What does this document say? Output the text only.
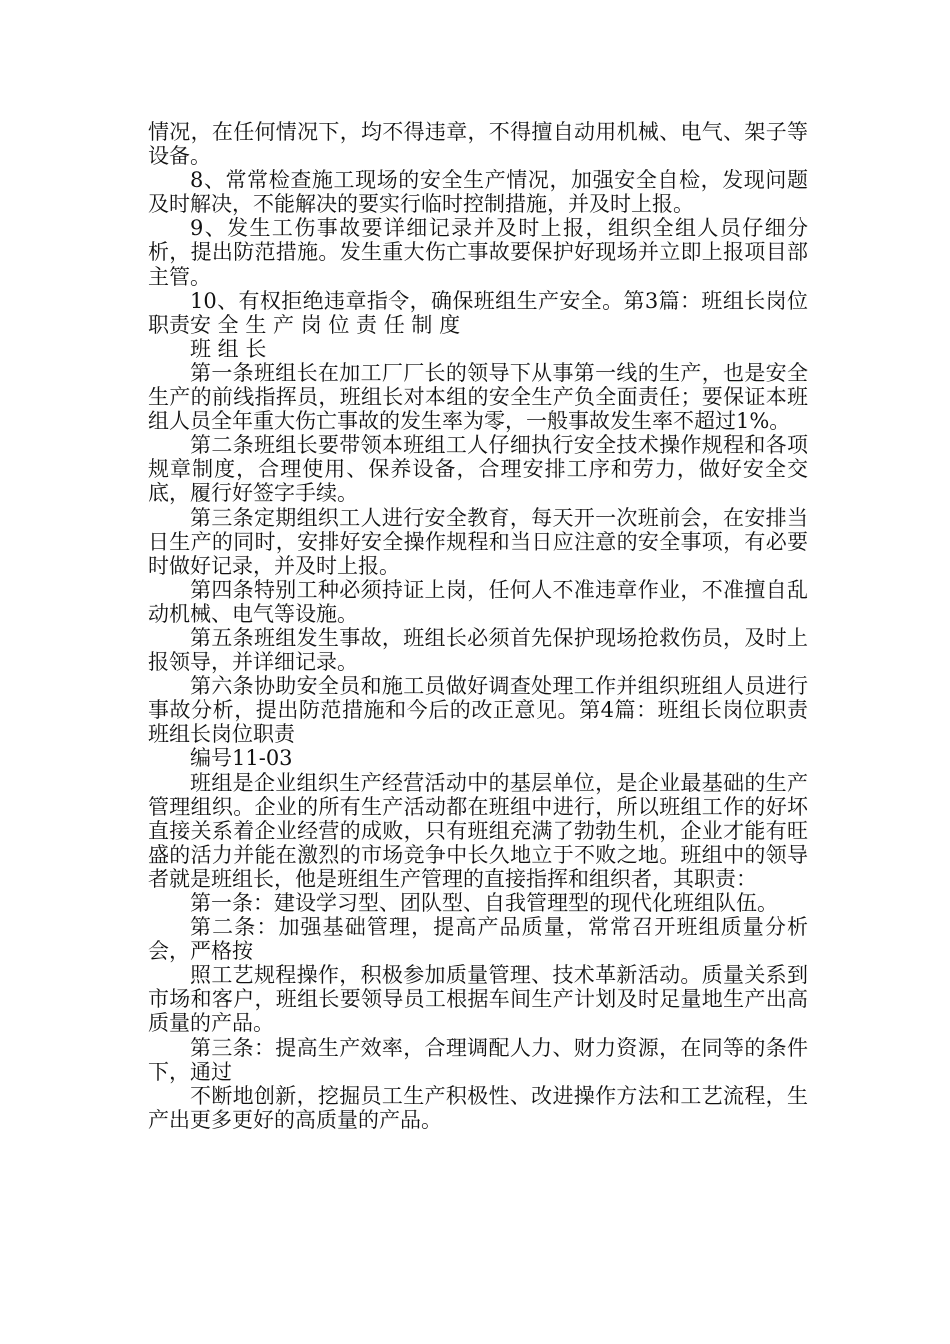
情况，在任何情况下，均不得违章，不得擅自动用机械、电气、架子等设备。

8、常常检查施工现场的安全生产情况，加强安全自检，发现问题及时解决，不能解决的要实行临时控制措施，并及时上报。

9、发生工伤事故要详细记录并及时上报，组织全组人员仔细分析，提出防范措施。发生重大伤亡事故要保护好现场并立即上报项目部主管。

10、有权拒绝违章指令，确保班组生产安全。第3篇：班组长岗位职责安 全 生 产 岗 位 责 任 制 度

班 组 长

第一条班组长在加工厂厂长的领导下从事第一线的生产，也是安全生产的前线指挥员，班组长对本组的安全生产负全面责任；要保证本班组人员全年重大伤亡事故的发生率为零，一般事故发生率不超过1%。

第二条班组长要带领本班组工人仔细执行安全技术操作规程和各项规章制度，合理使用、保养设备，合理安排工序和劳力，做好安全交底，履行好签字手续。

第三条定期组织工人进行安全教育，每天开一次班前会，在安排当日生产的同时，安排好安全操作规程和当日应注意的安全事项，有必要时做好记录，并及时上报。

第四条特别工种必须持证上岗，任何人不准违章作业，不准擅自乱动机械、电气等设施。

第五条班组发生事故，班组长必须首先保护现场抢救伤员，及时上报领导，并详细记录。

第六条协助安全员和施工员做好调查处理工作并组织班组人员进行事故分析，提出防范措施和今后的改正意见。第4篇：班组长岗位职责班组长岗位职责

编号11-03

班组是企业组织生产经营活动中的基层单位，是企业最基础的生产管理组织。企业的所有生产活动都在班组中进行，所以班组工作的好坏直接关系着企业经营的成败，只有班组充满了勃勃生机，企业才能有旺盛的活力并能在激烈的市场竞争中长久地立于不败之地。班组中的领导者就是班组长，他是班组生产管理的直接指挥和组织者，其职责：

第一条：建设学习型、团队型、自我管理型的现代化班组队伍。

第二条：加强基础管理，提高产品质量，常常召开班组质量分析会，严格按

照工艺规程操作，积极参加质量管理、技术革新活动。质量关系到市场和客户，班组长要领导员工根据车间生产计划及时足量地生产出高质量的产品。

第三条：提高生产效率，合理调配人力、财力资源，在同等的条件下，通过

不断地创新，挖掘员工生产积极性、改进操作方法和工艺流程，生产出更多更好的高质量的产品。
